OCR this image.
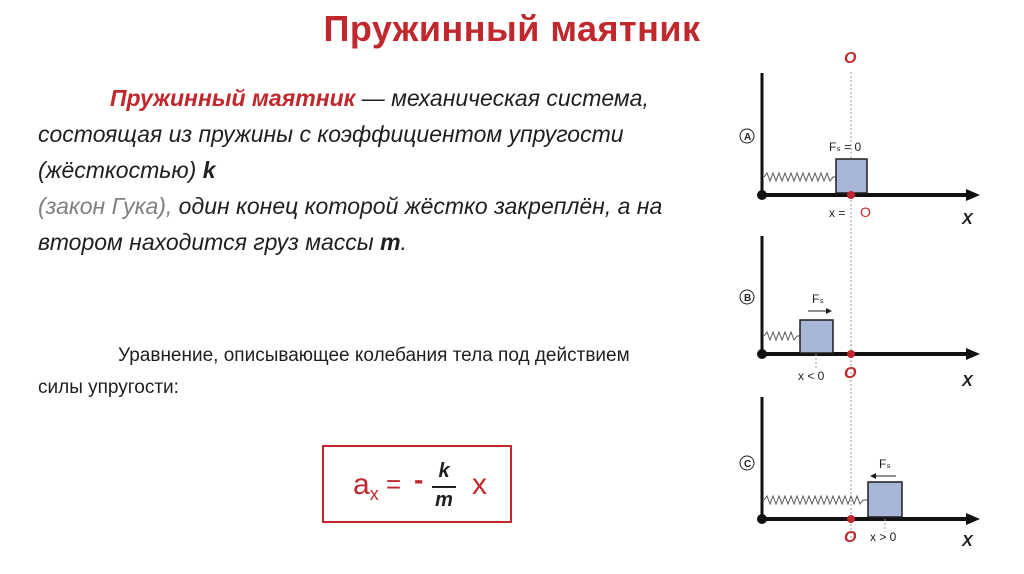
Пружинный маятник

Пружинный маятник — механическая система, состоящая из пружины с коэффициентом упругости (жёсткостью) k
(закон Гука), один конец которой жёстко закреплён, а на втором находится груз массы m.

Уравнение, описывающее колебания тела под действием силы упругости:

$a_x$ = - k
m x
O
A
Fₛ = 0
x = O	X
B	Fₛ
x < 0 O	X
C	Fₛ
O x > 0	X
